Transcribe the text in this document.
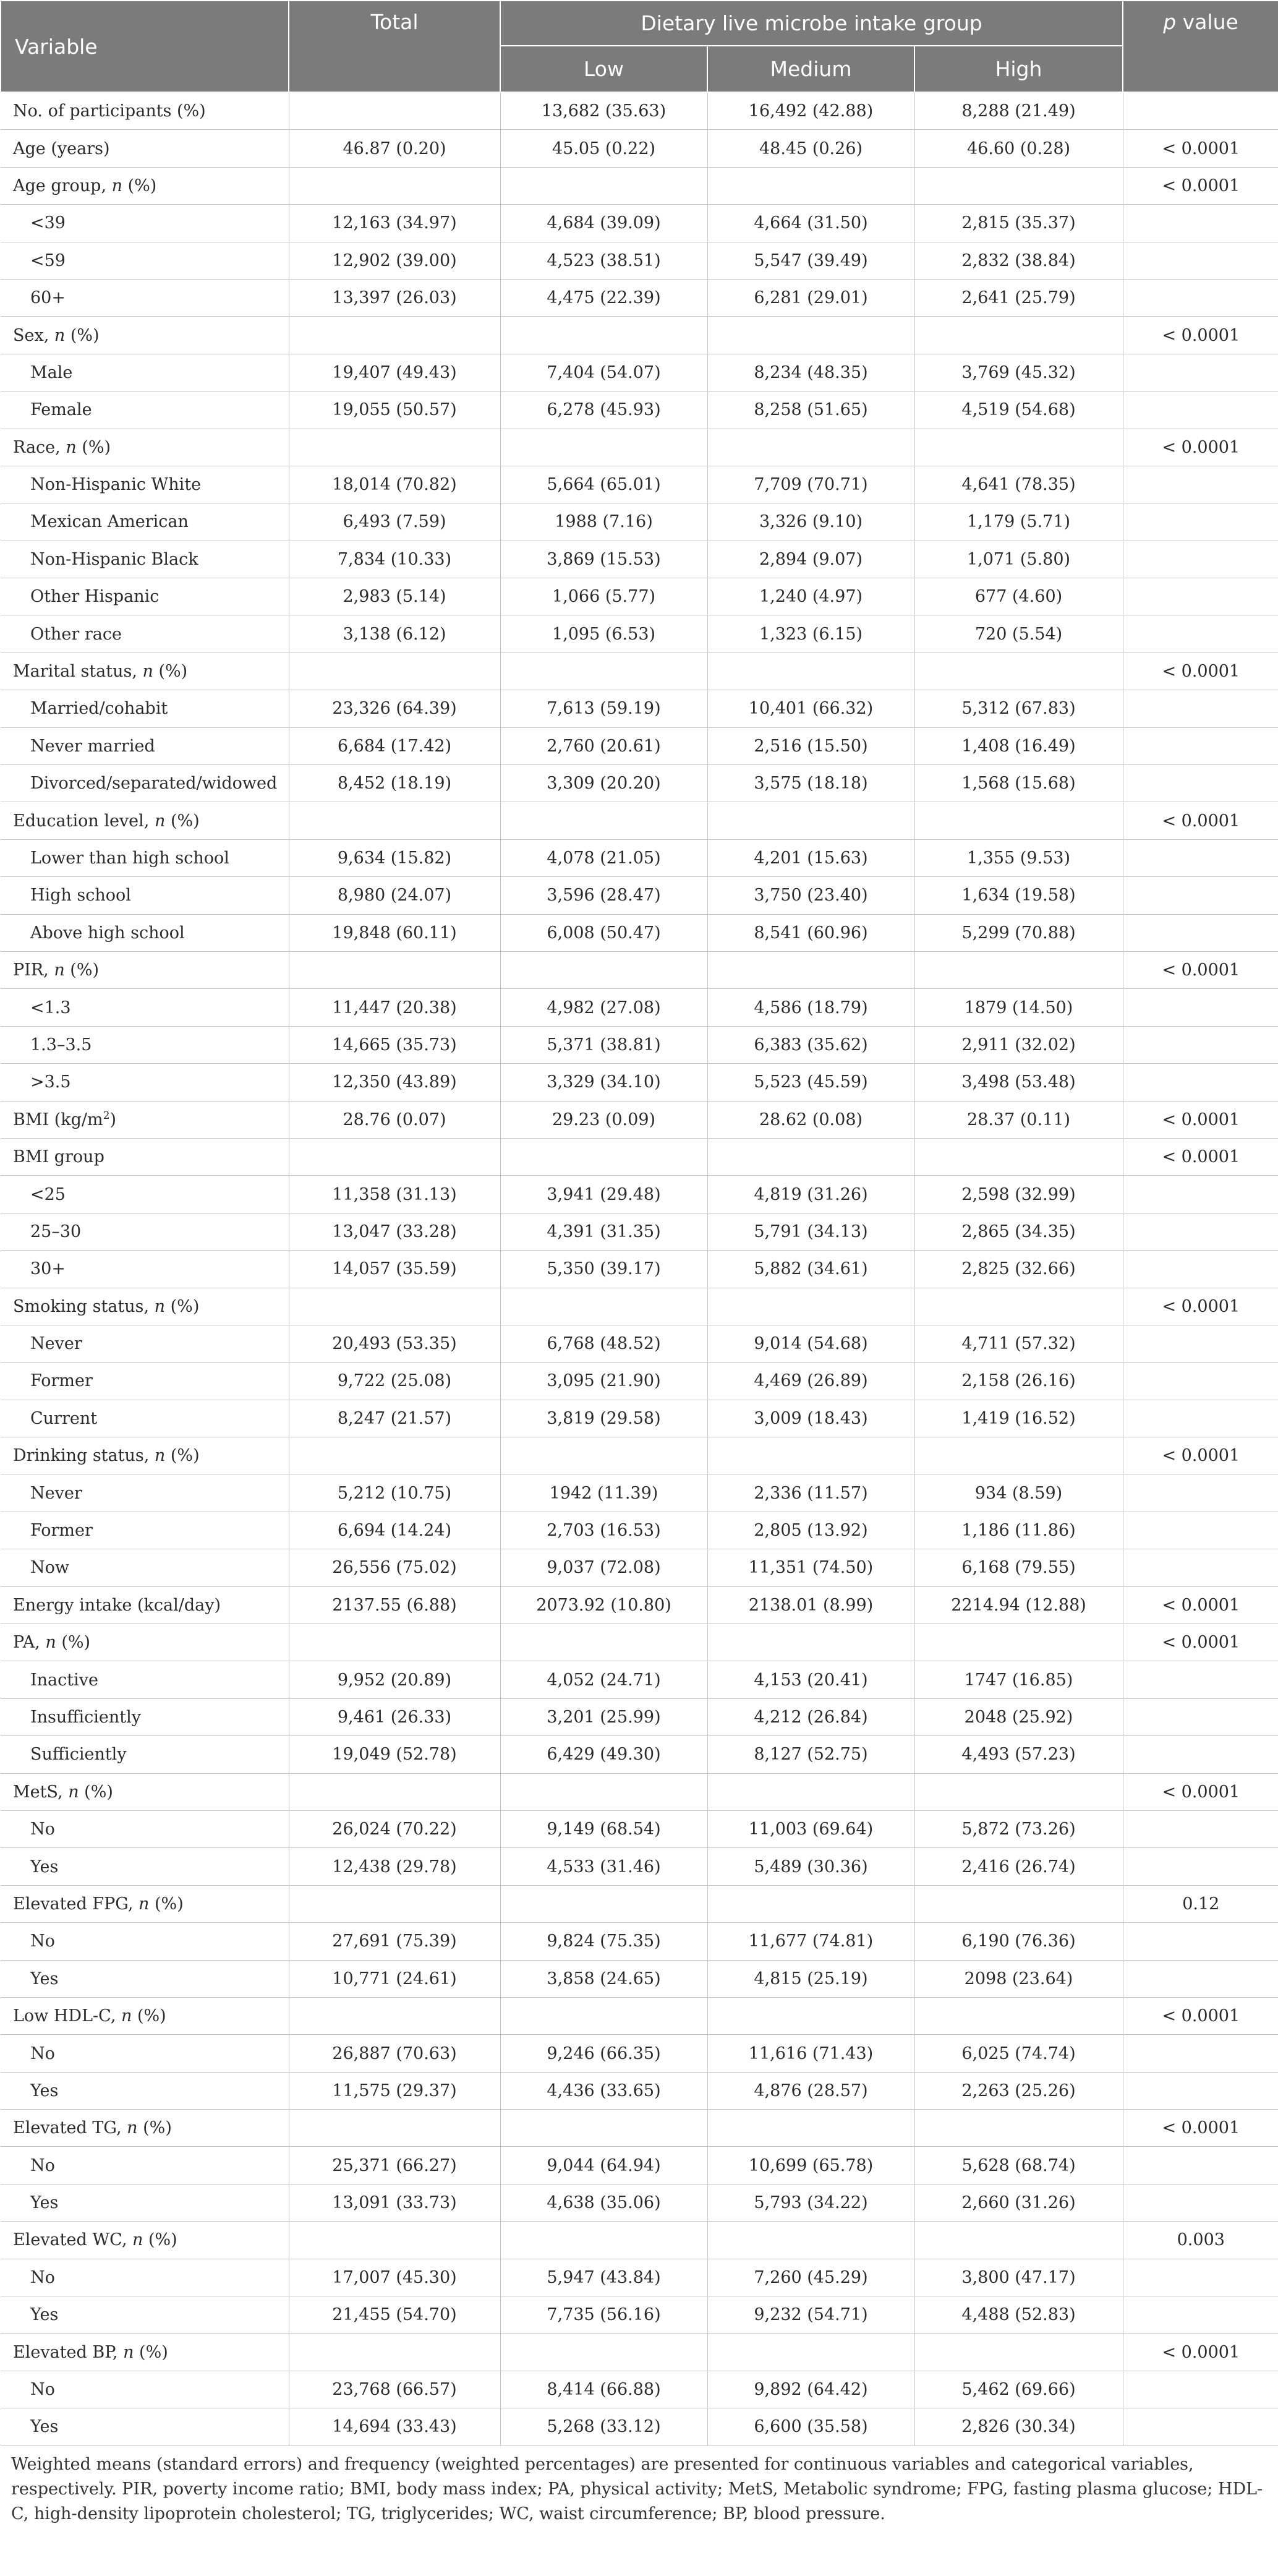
Variable	Total	Dietary live microbe intake group			p value
		Low	Medium	High	
No. of participants (%)		13,682 (35.63)	16,492 (42.88)	8,288 (21.49)	
Age (years)	46.87 (0.20)	45.05 (0.22)	48.45 (0.26)	46.60 (0.28)	< 0.0001
Age group, n (%)					< 0.0001
<39	12,163 (34.97)	4,684 (39.09)	4,664 (31.50)	2,815 (35.37)	
<59	12,902 (39.00)	4,523 (38.51)	5,547 (39.49)	2,832 (38.84)	
60+	13,397 (26.03)	4,475 (22.39)	6,281 (29.01)	2,641 (25.79)	
Sex, n (%)					< 0.0001
Male	19,407 (49.43)	7,404 (54.07)	8,234 (48.35)	3,769 (45.32)	
Female	19,055 (50.57)	6,278 (45.93)	8,258 (51.65)	4,519 (54.68)	
Race, n (%)					< 0.0001
Non-Hispanic White	18,014 (70.82)	5,664 (65.01)	7,709 (70.71)	4,641 (78.35)	
Mexican American	6,493 (7.59)	1988 (7.16)	3,326 (9.10)	1,179 (5.71)	
Non-Hispanic Black	7,834 (10.33)	3,869 (15.53)	2,894 (9.07)	1,071 (5.80)	
Other Hispanic	2,983 (5.14)	1,066 (5.77)	1,240 (4.97)	677 (4.60)	
Other race	3,138 (6.12)	1,095 (6.53)	1,323 (6.15)	720 (5.54)	
Marital status, n (%)					< 0.0001
Married/cohabit	23,326 (64.39)	7,613 (59.19)	10,401 (66.32)	5,312 (67.83)	
Never married	6,684 (17.42)	2,760 (20.61)	2,516 (15.50)	1,408 (16.49)	
Divorced/separated/widowed	8,452 (18.19)	3,309 (20.20)	3,575 (18.18)	1,568 (15.68)	
Education level, n (%)					< 0.0001
Lower than high school	9,634 (15.82)	4,078 (21.05)	4,201 (15.63)	1,355 (9.53)	
High school	8,980 (24.07)	3,596 (28.47)	3,750 (23.40)	1,634 (19.58)	
Above high school	19,848 (60.11)	6,008 (50.47)	8,541 (60.96)	5,299 (70.88)	
PIR, n (%)					< 0.0001
<1.3	11,447 (20.38)	4,982 (27.08)	4,586 (18.79)	1879 (14.50)	
1.3–3.5	14,665 (35.73)	5,371 (38.81)	6,383 (35.62)	2,911 (32.02)	
>3.5	12,350 (43.89)	3,329 (34.10)	5,523 (45.59)	3,498 (53.48)	
BMI $(kg/m^2)$	28.76 (0.07)	29.23 (0.09)	28.62 (0.08)	28.37 (0.11)	< 0.0001
BMI group					< 0.0001
<25	11,358 (31.13)	3,941 (29.48)	4,819 (31.26)	2,598 (32.99)	
25–30	13,047 (33.28)	4,391 (31.35)	5,791 (34.13)	2,865 (34.35)	
30+	14,057 (35.59)	5,350 (39.17)	5,882 (34.61)	2,825 (32.66)	
Smoking status, n (%)					< 0.0001
Never	20,493 (53.35)	6,768 (48.52)	9,014 (54.68)	4,711 (57.32)	
Former	9,722 (25.08)	3,095 (21.90)	4,469 (26.89)	2,158 (26.16)	
Current	8,247 (21.57)	3,819 (29.58)	3,009 (18.43)	1,419 (16.52)	
Drinking status, n (%)					< 0.0001
Never	5,212 (10.75)	1942 (11.39)	2,336 (11.57)	934 (8.59)	
Former	6,694 (14.24)	2,703 (16.53)	2,805 (13.92)	1,186 (11.86)	
Now	26,556 (75.02)	9,037 (72.08)	11,351 (74.50)	6,168 (79.55)	
Energy intake (kcal/day)	2137.55 (6.88)	2073.92 (10.80)	2138.01 (8.99)	2214.94 (12.88)	< 0.0001
PA, n (%)					< 0.0001
Inactive	9,952 (20.89)	4,052 (24.71)	4,153 (20.41)	1747 (16.85)	
Insufficiently	9,461 (26.33)	3,201 (25.99)	4,212 (26.84)	2048 (25.92)	
Sufficiently	19,049 (52.78)	6,429 (49.30)	8,127 (52.75)	4,493 (57.23)	
MetS, n (%)					< 0.0001
No	26,024 (70.22)	9,149 (68.54)	11,003 (69.64)	5,872 (73.26)	
Yes	12,438 (29.78)	4,533 (31.46)	5,489 (30.36)	2,416 (26.74)	
Elevated FPG, n (%)					0.12
No	27,691 (75.39)	9,824 (75.35)	11,677 (74.81)	6,190 (76.36)	
Yes	10,771 (24.61)	3,858 (24.65)	4,815 (25.19)	2098 (23.64)	
Low HDL-C, n (%)					< 0.0001
No	26,887 (70.63)	9,246 (66.35)	11,616 (71.43)	6,025 (74.74)	
Yes	11,575 (29.37)	4,436 (33.65)	4,876 (28.57)	2,263 (25.26)	
Elevated TG, n (%)					< 0.0001
No	25,371 (66.27)	9,044 (64.94)	10,699 (65.78)	5,628 (68.74)	
Yes	13,091 (33.73)	4,638 (35.06)	5,793 (34.22)	2,660 (31.26)	
Elevated WC, n (%)					0.003
No	17,007 (45.30)	5,947 (43.84)	7,260 (45.29)	3,800 (47.17)	
Yes	21,455 (54.70)	7,735 (56.16)	9,232 (54.71)	4,488 (52.83)	
Elevated BP, n (%)					< 0.0001
No	23,768 (66.57)	8,414 (66.88)	9,892 (64.42)	5,462 (69.66)	
Yes	14,694 (33.43)	5,268 (33.12)	6,600 (35.58)	2,826 (30.34)	
Weighted means (standard errors) and frequency (weighted percentages) are presented for continuous variables and categorical variables, respectively. PIR, poverty income ratio; BMI, body mass index; PA, physical activity; MetS, Metabolic syndrome; FPG, fasting plasma glucose; HDL-C, high-density lipoprotein cholesterol; TG, triglycerides; WC, waist circumference; BP, blood pressure.
